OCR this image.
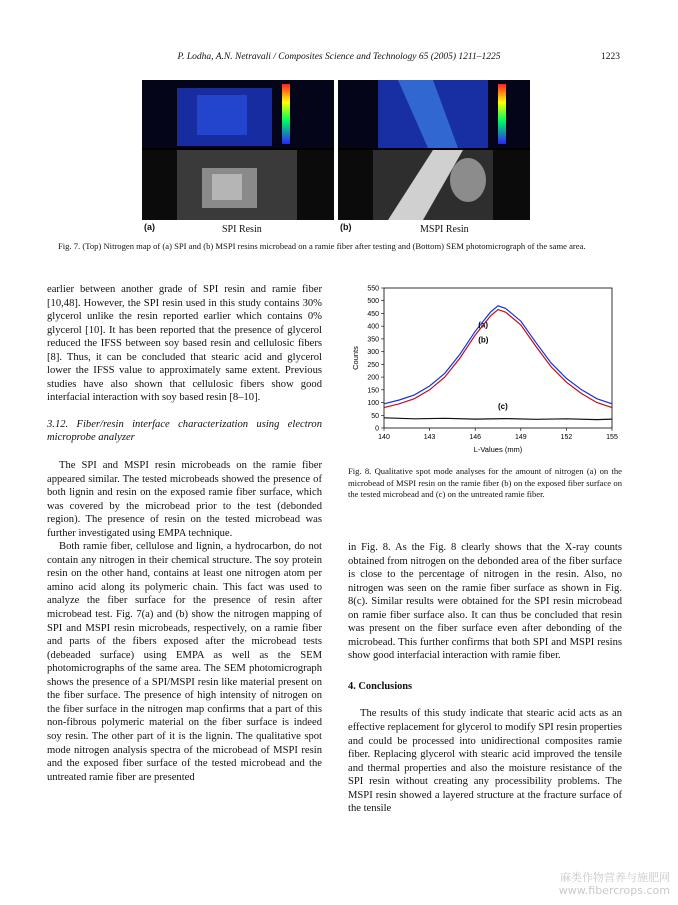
P. Lodha, A.N. Netravali / Composites Science and Technology 65 (2005) 1211–1225	1223
(a)	(b)
SPI Resin	MSPI Resin
Fig. 7. (Top) Nitrogen map of (a) SPI and (b) MSPI resins microbead on a ramie fiber after testing and (Bottom) SEM photomicrograph of the same area.

earlier between another grade of SPI resin and ramie fiber [10,48]. However, the SPI resin used in this study contains 30% glycerol unlike the resin reported earlier which contains 0% glycerol [10]. It has been reported that the presence of glycerol reduced the IFSS between soy based resin and cellulosic fibers [8]. Thus, it can be concluded that stearic acid and glycerol lower the IFSS value to approximately same extent. Previous studies have also shown that cellulosic fibers show good interfacial interaction with soy based resin [8–10].

3.12. Fiber/resin interface characterization using electron microprobe analyzer

The SPI and MSPI resin microbeads on the ramie fiber appeared similar. The tested microbeads showed the presence of both lignin and resin on the exposed ramie fiber surface, which was covered by the microbead prior to the test (debonded region). The presence of resin on the tested microbead was further investigated using EMPA technique.

Both ramie fiber, cellulose and lignin, a hydrocarbon, do not contain any nitrogen in their chemical structure. The soy protein resin on the other hand, contains at least one nitrogen atom per amino acid along its polymeric chain. This fact was used to analyze the fiber surface for the presence of resin after microbead test. Fig. 7(a) and (b) show the nitrogen mapping of SPI and MSPI resin microbeads, respectively, on a ramie fiber and parts of the fibers exposed after the microbead tests (debeaded surface) using EMPA as well as the SEM photomicrographs of the same area. The SEM photomicrograph shows the presence of a SPI/MSPI resin like material present on the fiber surface. The presence of high intensity of nitrogen on the fiber surface in the nitrogen map confirms that a part of this non-fibrous polymeric material on the fiber surface is indeed soy resin. The other part of it is the lignin. The qualitative spot mode nitrogen analysis spectra of the microbead of MSPI resin and the exposed fiber surface of the tested microbead and the untreated ramie fiber are presented

0
50
100
150
200
250
300
350
400
450
500
550
140	143	146	149	152	155
L-Values (mm)
Counts
(a)
(b)
(c)
Fig. 8. Qualitative spot mode analyses for the amount of nitrogen (a) on the microbead of MSPI resin on the ramie fiber (b) on the exposed fiber surface on the tested microbead and (c) on the untreated ramie fiber.

in Fig. 8. As the Fig. 8 clearly shows that the X-ray counts obtained from nitrogen on the debonded area of the fiber surface is close to the percentage of nitrogen in the resin. Also, no nitrogen was seen on the ramie fiber surface as shown in Fig. 8(c). Similar results were obtained for the SPI resin microbead on ramie fiber surface also. It can thus be concluded that resin was present on the fiber surface even after debonding of the microbead. This further confirms that both SPI and MSPI resins show good interfacial interaction with ramie fiber.

4. Conclusions

The results of this study indicate that stearic acid acts as an effective replacement for glycerol to modify SPI resin properties and could be processed into unidirectional composites ramie fiber. Replacing glycerol with stearic acid improved the tensile and thermal properties and also the moisture resistance of the SPI resin without creating any processibility problems. The MSPI resin showed a layered structure at the fracture surface of the tensile

麻类作物营养与施肥网
www.fibercrops.com
